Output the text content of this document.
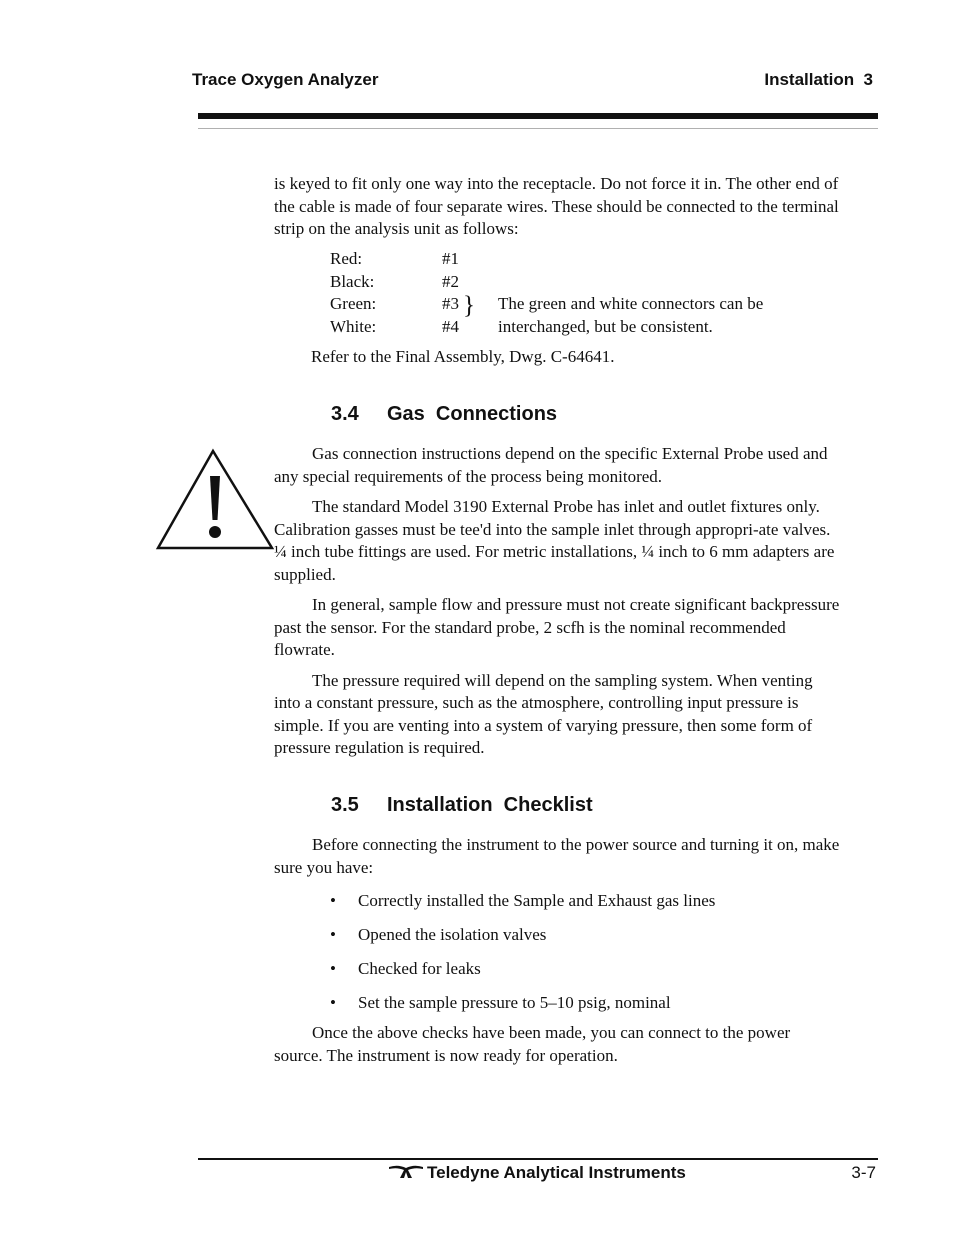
Trace Oxygen Analyzer	Installation  3

is keyed to fit only one way into the receptacle. Do not force it in. The other end of the cable is made of four separate wires. These should be connected to the terminal strip on the analysis unit as follows:

Red:	#1
Black:	#2
Green:	#3
White:	#4
} The green and white connectors can be
interchanged, but be consistent.
Refer to the Final Assembly, Dwg. C-64641.
3.4 Gas  Connections

Gas connection instructions depend on the specific External Probe used and any special requirements of the process being monitored.

The standard Model 3190 External Probe has inlet and outlet fixtures only. Calibration gasses must be tee'd into the sample inlet through appropri-ate valves. ¼ inch tube fittings are used. For metric installations, ¼ inch to 6 mm adapters are supplied.

In general, sample flow and pressure must not create significant backpressure past the sensor. For the standard probe, 2 scfh is the nominal recommended flowrate.

The pressure required will depend on the sampling system. When venting into a constant pressure, such as the atmosphere, controlling input pressure is simple. If you are venting into a system of varying pressure, then some form of pressure regulation is required.

3.5 Installation  Checklist

Before connecting the instrument to the power source and turning it on, make sure you have:

• Correctly installed the Sample and Exhaust gas lines
• Opened the isolation valves
• Checked for leaks
• Set the sample pressure to 5–10 psig, nominal

Once the above checks have been made, you can connect to the power source. The instrument is now ready for operation.

Teledyne Analytical Instruments	3-7
